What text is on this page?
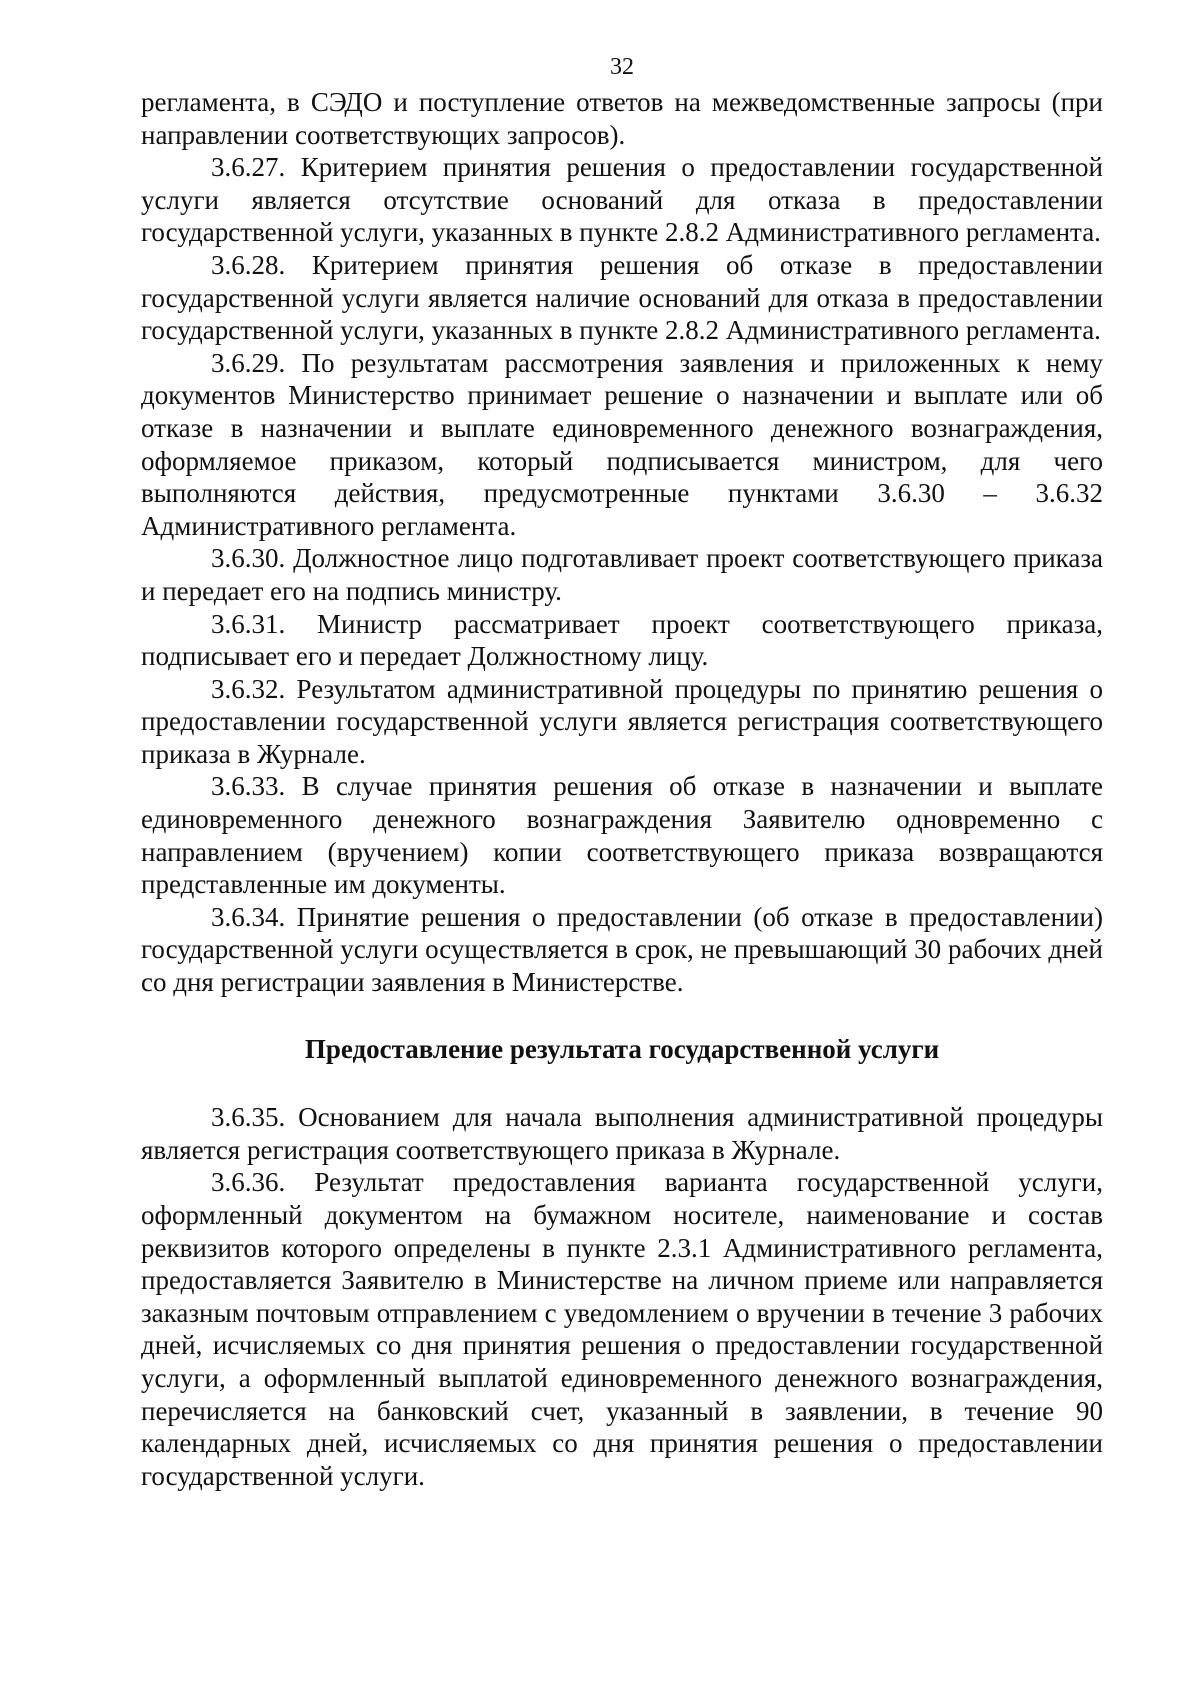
32

регламента, в СЭДО и поступление ответов на межведомственные запросы (при направлении соответствующих запросов).

3.6.27. Критерием принятия решения о предоставлении государственной услуги является отсутствие оснований для отказа в предоставлении государственной услуги, указанных в пункте 2.8.2 Административного регламента.

3.6.28. Критерием принятия решения об отказе в предоставлении государственной услуги является наличие оснований для отказа в предоставлении государственной услуги, указанных в пункте 2.8.2 Административного регламента.

3.6.29. По результатам рассмотрения заявления и приложенных к нему документов Министерство принимает решение о назначении и выплате или об отказе в назначении и выплате единовременного денежного вознаграждения, оформляемое приказом, который подписывается министром, для чего выполняются действия, предусмотренные пунктами 3.6.30 – 3.6.32 Административного регламента.

3.6.30. Должностное лицо подготавливает проект соответствующего приказа и передает его на подпись министру.

3.6.31. Министр рассматривает проект соответствующего приказа, подписывает его и передает Должностному лицу.

3.6.32. Результатом административной процедуры по принятию решения о предоставлении государственной услуги является регистрация соответствующего приказа в Журнале.

3.6.33. В случае принятия решения об отказе в назначении и выплате единовременного денежного вознаграждения Заявителю одновременно с направлением (вручением) копии соответствующего приказа возвращаются представленные им документы.

3.6.34. Принятие решения о предоставлении (об отказе в предоставлении) государственной услуги осуществляется в срок, не превышающий 30 рабочих дней со дня регистрации заявления в Министерстве.

Предоставление результата государственной услуги

3.6.35. Основанием для начала выполнения административной процедуры является регистрация соответствующего приказа в Журнале.

3.6.36. Результат предоставления варианта государственной услуги, оформленный документом на бумажном носителе, наименование и состав реквизитов которого определены в пункте 2.3.1 Административного регламента, предоставляется Заявителю в Министерстве на личном приеме или направляется заказным почтовым отправлением с уведомлением о вручении в течение 3 рабочих дней, исчисляемых со дня принятия решения о предоставлении государственной услуги, а оформленный выплатой единовременного денежного вознаграждения, перечисляется на банковский счет, указанный в заявлении, в течение 90 календарных дней, исчисляемых со дня принятия решения о предоставлении государственной услуги.
